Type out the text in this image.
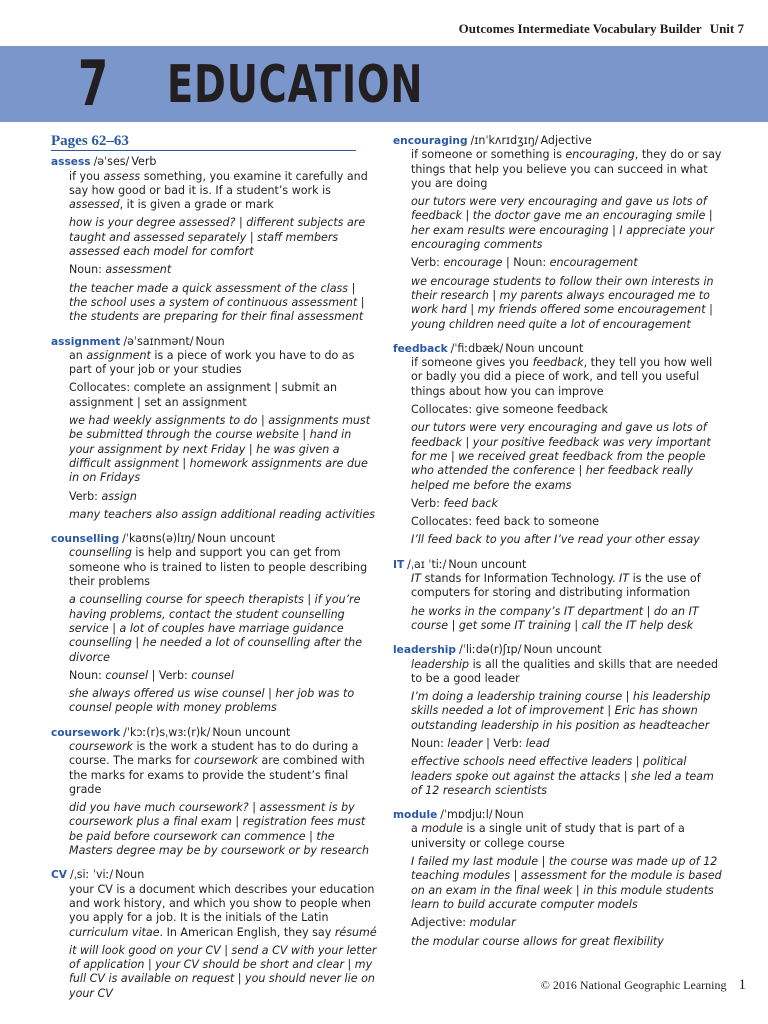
Outcomes Intermediate Vocabulary Builder Unit 7
7 EDUCATION
Pages 62–63
assess /əˈses/ Verb
if you assess something, you examine it carefully and say how good or bad it is. If a student’s work is assessed, it is given a grade or mark
how is your degree assessed? | different subjects are taught and assessed separately | staff members assessed each model for comfort
Noun: assessment
the teacher made a quick assessment of the class | the school uses a system of continuous assessment | the students are preparing for their final assessment
assignment /əˈsaɪnmənt/ Noun
an assignment is a piece of work you have to do as part of your job or your studies
Collocates: complete an assignment | submit an assignment | set an assignment
we had weekly assignments to do | assignments must be submitted through the course website | hand in your assignment by next Friday | he was given a difficult assignment | homework assignments are due in on Fridays
Verb: assign
many teachers also assign additional reading activities
counselling /ˈkaʊns(ə)lɪŋ/ Noun uncount
counselling is help and support you can get from someone who is trained to listen to people describing their problems
a counselling course for speech therapists | if you’re having problems, contact the student counselling service | a lot of couples have marriage guidance counselling | he needed a lot of counselling after the divorce
Noun: counsel | Verb: counsel
she always offered us wise counsel | her job was to counsel people with money problems
coursework /ˈkɔː(r)sˌwɜː(r)k/ Noun uncount
coursework is the work a student has to do during a course. The marks for coursework are combined with the marks for exams to provide the student’s final grade
did you have much coursework? | assessment is by coursework plus a final exam | registration fees must be paid before coursework can commence | the Masters degree may be by coursework or by research
CV /ˌsiː ˈviː/ Noun
your CV is a document which describes your education and work history, and which you show to people when you apply for a job. It is the initials of the Latin curriculum vitae. In American English, they say résumé
it will look good on your CV | send a CV with your letter of application | your CV should be short and clear | my full CV is available on request | you should never lie on your CV
encouraging /ɪnˈkʌrɪdʒɪŋ/ Adjective
if someone or something is encouraging, they do or say things that help you believe you can succeed in what you are doing
our tutors were very encouraging and gave us lots of feedback | the doctor gave me an encouraging smile | her exam results were encouraging | I appreciate your encouraging comments
Verb: encourage | Noun: encouragement
we encourage students to follow their own interests in their research | my parents always encouraged me to work hard | my friends offered some encouragement | young children need quite a lot of encouragement
feedback /ˈfiːdbæk/ Noun uncount
if someone gives you feedback, they tell you how well or badly you did a piece of work, and tell you useful things about how you can improve
Collocates: give someone feedback
our tutors were very encouraging and gave us lots of feedback | your positive feedback was very important for me | we received great feedback from the people who attended the conference | her feedback really helped me before the exams
Verb: feed back
Collocates: feed back to someone
I’ll feed back to you after I’ve read your other essay
IT /ˌaɪ ˈtiː/ Noun uncount
IT stands for Information Technology. IT is the use of computers for storing and distributing information
he works in the company’s IT department | do an IT course | get some IT training | call the IT help desk
leadership /ˈliːdə(r)ʃɪp/ Noun uncount
leadership is all the qualities and skills that are needed to be a good leader
I’m doing a leadership training course | his leadership skills needed a lot of improvement | Eric has shown outstanding leadership in his position as headteacher
Noun: leader | Verb: lead
effective schools need effective leaders | political leaders spoke out against the attacks | she led a team of 12 research scientists
module /ˈmɒdjuːl/ Noun
a module is a single unit of study that is part of a university or college course
I failed my last module | the course was made up of 12 teaching modules | assessment for the module is based on an exam in the final week | in this module students learn to build accurate computer models
Adjective: modular
the modular course allows for great flexibility
© 2016 National Geographic Learning 1
